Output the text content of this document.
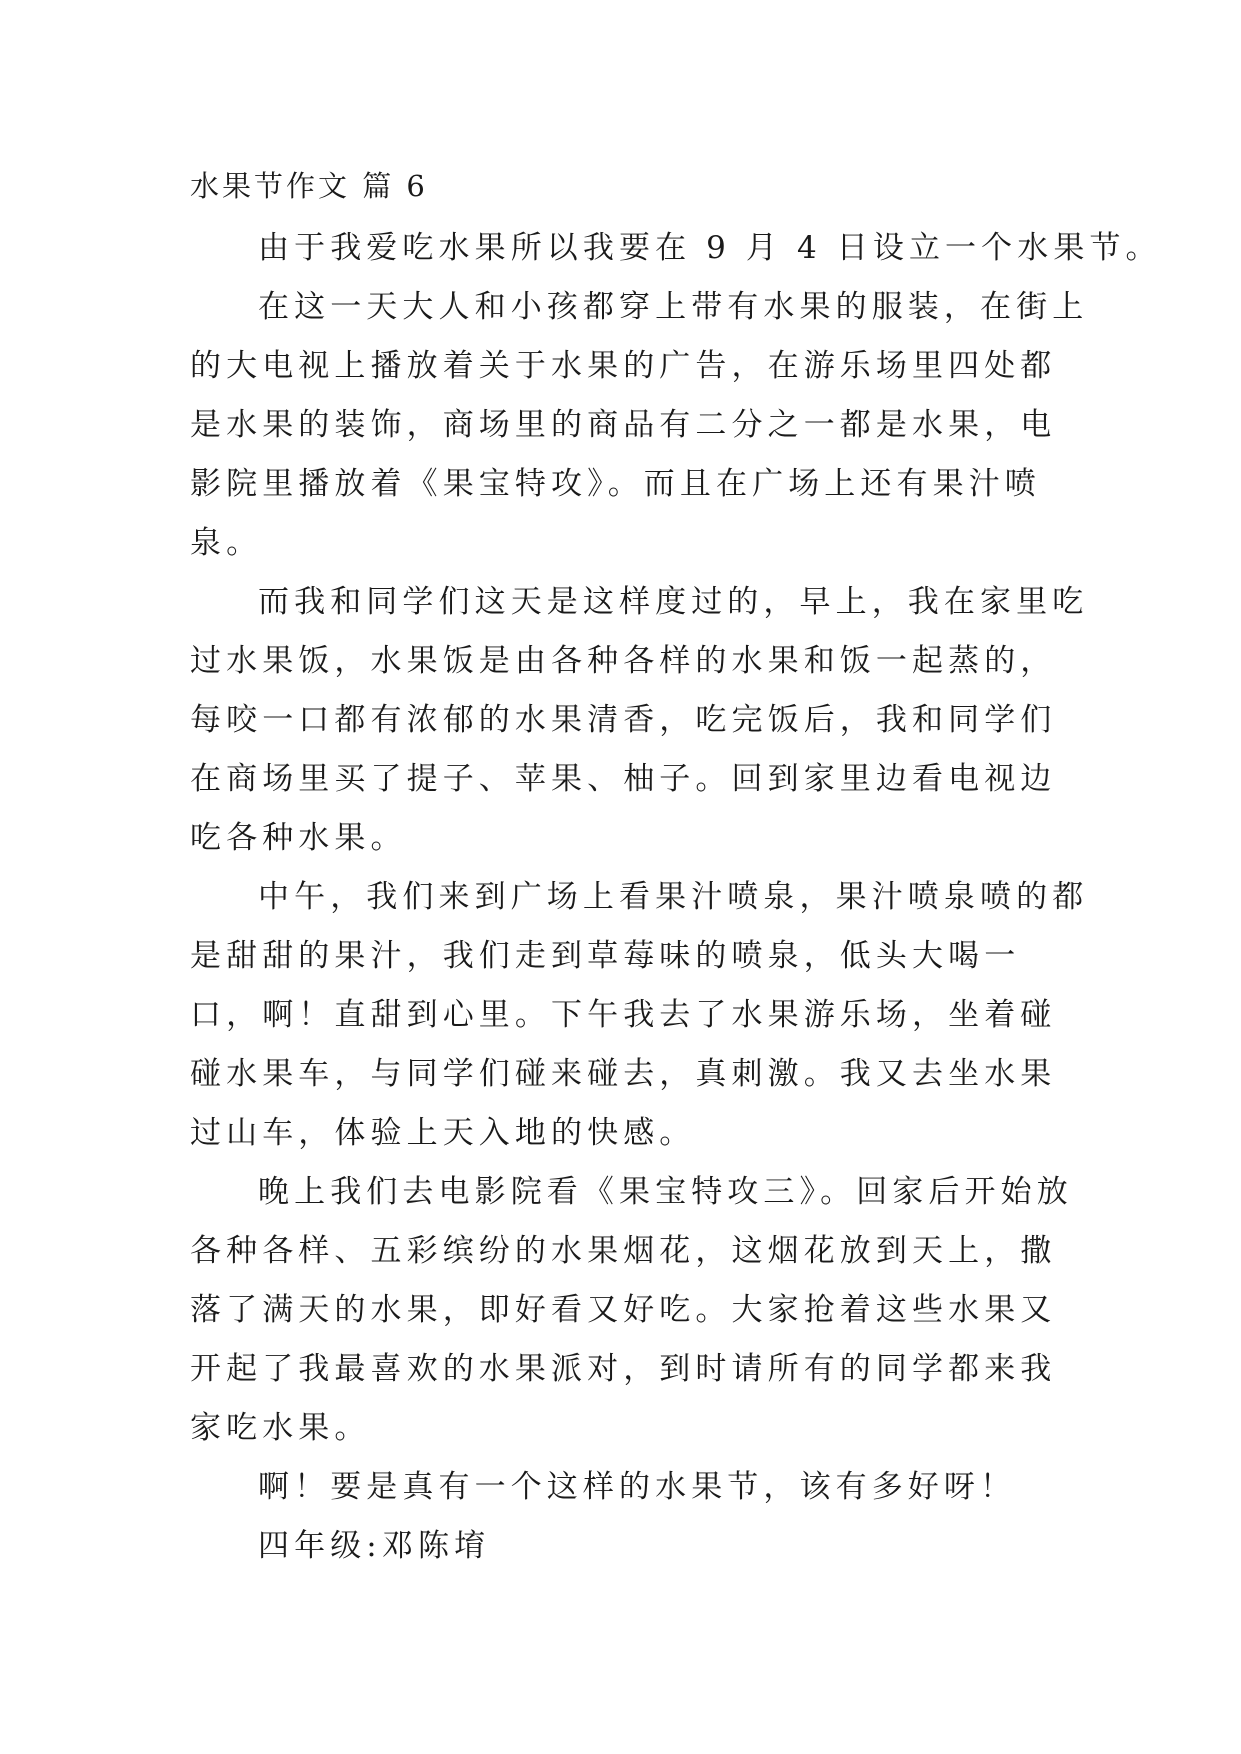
水果节作文 篇 6

由于我爱吃水果所以我要在 9 月 4 日设立一个水果节。

在这一天大人和小孩都穿上带有水果的服装，在街上的大电视上播放着关于水果的广告，在游乐场里四处都是水果的装饰，商场里的商品有二分之一都是水果，电影院里播放着《果宝特攻》。而且在广场上还有果汁喷泉。

而我和同学们这天是这样度过的，早上，我在家里吃过水果饭，水果饭是由各种各样的水果和饭一起蒸的，每咬一口都有浓郁的水果清香，吃完饭后，我和同学们在商场里买了提子、苹果、柚子。回到家里边看电视边吃各种水果。

中午，我们来到广场上看果汁喷泉，果汁喷泉喷的都是甜甜的果汁，我们走到草莓味的喷泉，低头大喝一口，啊！直甜到心里。下午我去了水果游乐场，坐着碰碰水果车，与同学们碰来碰去，真刺激。我又去坐水果过山车，体验上天入地的快感。

晚上我们去电影院看《果宝特攻三》。回家后开始放各种各样、五彩缤纷的水果烟花，这烟花放到天上，撒落了满天的水果，即好看又好吃。大家抢着这些水果又开起了我最喜欢的水果派对，到时请所有的同学都来我家吃水果。

啊！要是真有一个这样的水果节，该有多好呀！

四年级:邓陈堉
